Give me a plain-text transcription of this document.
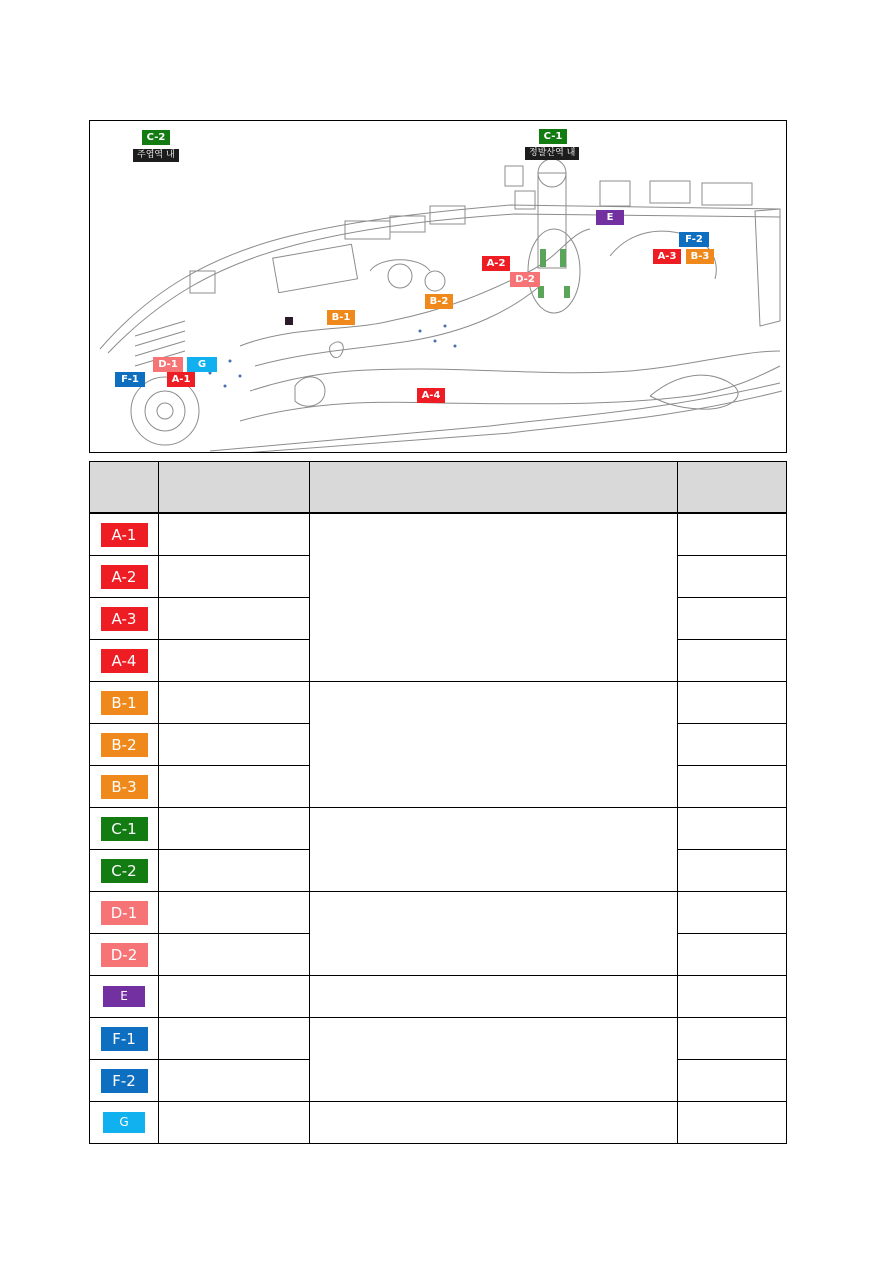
주엽역 내	정발산역 내
C-2	C-1
E
F-2
A-3	B-3
A-2
D-2
B-2
B-1
D-1	G
F-1	A-1
A-4

A-1			
A-2			
A-3			
A-4			
B-1			
B-2			
B-3			
C-1			
C-2			
D-1			
D-2			
E			
F-1			
F-2			
G			
